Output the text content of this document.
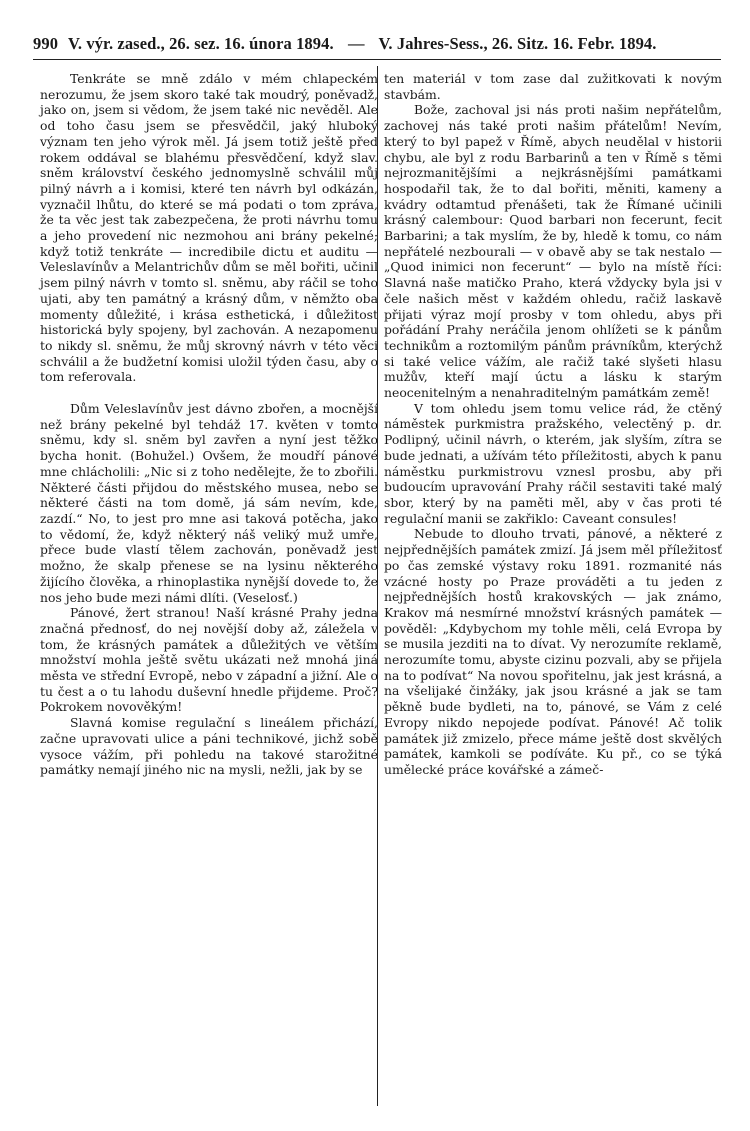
990 V. výr. zased., 26. sez. 16. února 1894. — V. Jahres-Sess., 26. Sitz. 16. Febr. 1894.

Tenkráte se mně zdálo v mém chlapeckém nerozumu, že jsem skoro také tak moudrý, poněvadž, jako on, jsem si vědom, že jsem také nic nevěděl. Ale od toho času jsem se přesvědčil, jaký hluboký význam ten jeho výrok měl. Já jsem totiž ještě před rokem oddával se blahému přesvědčení, když slav. sněm království českého jednomyslně schválil můj pilný návrh a i komisi, které ten návrh byl odkázán, vyznačil lhůtu, do které se má podati o tom zpráva, že ta věc jest tak zabezpečena, že proti návrhu tomu a jeho provedení nic nezmohou ani brány pekelné; když totiž tenkráte — incredibile dictu et auditu — Veleslavínův a Melantrichův dům se měl bořiti, učinil jsem pilný návrh v tomto sl. sněmu, aby ráčil se toho ujati, aby ten památný a krásný dům, v němžto oba momenty důležité, i krása esthetická, i důležitost historická byly spojeny, byl zachován. A nezapomenu to nikdy sl. sněmu, že můj skrovný návrh v této věci schválil a že budžetní komisi uložil týden času, aby o tom referovala.

Dům Veleslavínův jest dávno zbořen, a mocnější než brány pekelné byl tehdáž 17. květen v tomto sněmu, kdy sl. sněm byl zavřen a nyní jest těžko bycha honit. (Bohužel.) Ovšem, že moudří pánové mne chlácholili: „Nic si z toho nedělejte, že to zbořili. Některé části přijdou do městského musea, nebo se některé části na tom domě, já sám nevím, kde, zazdí.“ No, to jest pro mne asi taková potěcha, jako to vědomí, že, když některý náš veliký muž umře, přece bude vlastí tělem zachován, poněvadž jest možno, že skalp přenese se na lysinu některého žijícího člověka, a rhinoplastika nynější dovede to, že nos jeho bude mezi námi dlíti. (Veselosť.)

Pánové, žert stranou! Naší krásné Prahy jedna značná přednosť, do nej novější doby až, záležela v tom, že krásných památek a důležitých ve větším množství mohla ještě světu ukázati než mnohá jiná města ve střední Evropě, nebo v západní a jižní. Ale o tu čest a o tu lahodu duševní hnedle přijdeme. Proč? Pokrokem novověkým!

Slavná komise regulační s lineálem přichází, začne upravovati ulice a páni technikové, jichž sobě vysoce vážím, při pohledu na takové starožitné památky nemají jiného nic na mysli, nežli, jak by se

ten materiál v tom zase dal zužitkovati k novým stavbám.

Bože, zachoval jsi nás proti našim nepřátelům, zachovej nás také proti našim přátelům! Nevím, který to byl papež v Římě, abych neudělal v historii chybu, ale byl z rodu Barbarinů a ten v Římě s těmi nejrozmanitějšími a nejkrásnějšími památkami hospodařil tak, že to dal bořiti, měniti, kameny a kvádry odtamtud přenášeti, tak že Římané učinili krásný calembour: Quod barbari non fecerunt, fecit Barbarini; a tak myslím, že by, hledě k tomu, co nám nepřátelé nezbourali — v obavě aby se tak nestalo — „Quod inimici non fecerunt“ — bylo na místě říci: Slavná naše matičko Praho, která vždycky byla jsi v čele našich měst v každém ohledu, račiž laskavě přijati výraz mojí prosby v tom ohledu, abys při pořádání Prahy neráčila jenom ohlížeti se k pánům technikům a roztomilým pánům právníkům, kterýchž si také velice vážím, ale račiž také slyšeti hlasu mužův, kteří mají úctu a lásku k starým neocenitelným a nenahraditelným památkám země!

V tom ohledu jsem tomu velice rád, že ctěný náměstek purkmistra pražského, velectěný p. dr. Podlipný, učinil návrh, o kterém, jak slyším, zítra se bude jednati, a užívám této příležitosti, abych k panu náměstku purkmistrovu vznesl prosbu, aby při budoucím upravování Prahy ráčil sestaviti také malý sbor, který by na paměti měl, aby v čas proti té regulační manii se zakřiklo: Caveant consules!

Nebude to dlouho trvati, pánové, a některé z nejpřednějších památek zmizí. Já jsem měl příležitosť po čas zemské výstavy roku 1891. rozmanité nás vzácné hosty po Praze prováděti a tu jeden z nejpřednějších hostů krakovských — jak známo, Krakov má nesmírné množství krásných památek — pověděl: „Kdybychom my tohle měli, celá Evropa by se musila jezditi na to dívat. Vy nerozumíte reklamě, nerozumíte tomu, abyste cizinu pozvali, aby se přijela na to podívat“ Na novou spořitelnu, jak jest krásná, a na všelijaké činžáky, jak jsou krásné a jak se tam pěkně bude bydleti, na to, pánové, se Vám z celé Evropy nikdo nepojede podívat. Pánové! Ač tolik památek již zmizelo, přece máme ještě dost skvělých památek, kamkoli se podíváte. Ku př., co se týká umělecké práce kovářské a zámeč-
